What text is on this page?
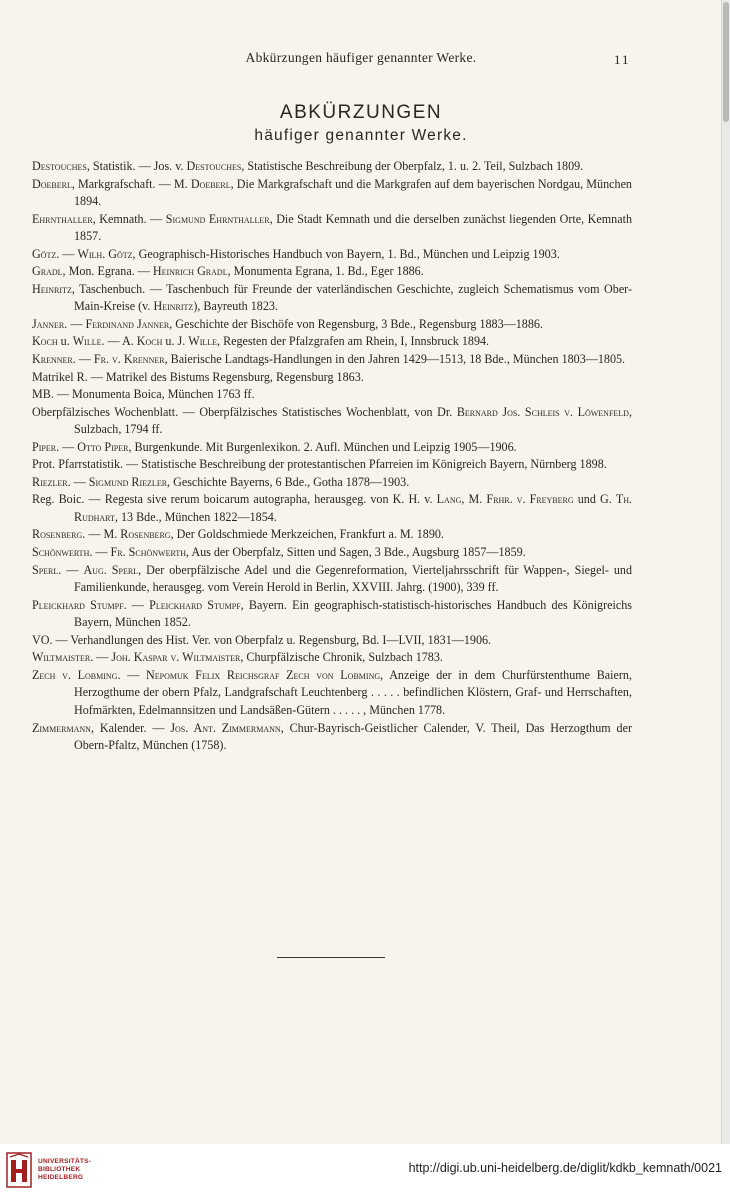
Abkürzungen häufiger genannter Werke.	11
ABKÜRZUNGEN
häufiger genannter Werke.

Destouches, Statistik. — Jos. v. Destouches, Statistische Beschreibung der Oberpfalz, 1. u. 2. Teil, Sulzbach 1809.

Doeberl, Markgrafschaft. — M. Doeberl, Die Markgrafschaft und die Markgrafen auf dem bayerischen Nordgau, München 1894.

Ehrnthaller, Kemnath. — Sigmund Ehrnthaller, Die Stadt Kemnath und die derselben zunächst liegenden Orte, Kemnath 1857.

Götz. — Wilh. Götz, Geographisch-Historisches Handbuch von Bayern, 1. Bd., München und Leipzig 1903.

Gradl, Mon. Egrana. — Heinrich Gradl, Monumenta Egrana, 1. Bd., Eger 1886.

Heinritz, Taschenbuch. — Taschenbuch für Freunde der vaterländischen Geschichte, zugleich Schematismus vom Ober-Main-Kreise (v. Heinritz), Bayreuth 1823.

Janner. — Ferdinand Janner, Geschichte der Bischöfe von Regensburg, 3 Bde., Regensburg 1883—1886.

Koch u. Wille. — A. Koch u. J. Wille, Regesten der Pfalzgrafen am Rhein, I, Innsbruck 1894.

Krenner. — Fr. v. Krenner, Baierische Landtags-Handlungen in den Jahren 1429—1513, 18 Bde., München 1803—1805.

Matrikel R. — Matrikel des Bistums Regensburg, Regensburg 1863.

MB. — Monumenta Boica, München 1763 ff.

Oberpfälzisches Wochenblatt. — Oberpfälzisches Statistisches Wochenblatt, von Dr. Bernard Jos. Schleis v. Löwenfeld, Sulzbach, 1794 ff.

Piper. — Otto Piper, Burgenkunde. Mit Burgenlexikon. 2. Aufl. München und Leipzig 1905—1906.

Prot. Pfarrstatistik. — Statistische Beschreibung der protestantischen Pfarreien im Königreich Bayern, Nürnberg 1898.

Riezler. — Sigmund Riezler, Geschichte Bayerns, 6 Bde., Gotha 1878—1903.

Reg. Boic. — Regesta sive rerum boicarum autographa, herausgeg. von K. H. v. Lang, M. Frhr. v. Freyberg und G. Th. Rudhart, 13 Bde., München 1822—1854.

Rosenberg. — M. Rosenberg, Der Goldschmiede Merkzeichen, Frankfurt a. M. 1890.

Schönwerth. — Fr. Schönwerth, Aus der Oberpfalz, Sitten und Sagen, 3 Bde., Augsburg 1857—1859.

Sperl. — Aug. Sperl, Der oberpfälzische Adel und die Gegenreformation, Vierteljahrsschrift für Wappen-, Siegel- und Familienkunde, herausgeg. vom Verein Herold in Berlin, XXVIII. Jahrg. (1900), 339 ff.

Pleickhard Stumpf. — Pleickhard Stumpf, Bayern. Ein geographisch-statistisch-historisches Handbuch des Königreichs Bayern, München 1852.

VO. — Verhandlungen des Hist. Ver. von Oberpfalz u. Regensburg, Bd. I—LVII, 1831—1906.

Wiltmaister. — Joh. Kaspar v. Wiltmaister, Churpfälzische Chronik, Sulzbach 1783.

Zech v. Lobming. — Nepomuk Felix Reichsgraf Zech von Lobming, Anzeige der in dem Churfürstenthume Baiern, Herzogthume der obern Pfalz, Landgrafschaft Leuchtenberg . . . . . befindlichen Klöstern, Graf- und Herrschaften, Hofmärkten, Edelmannsitzen und Landsäßen-Gütern . . . . . , München 1778.

Zimmermann, Kalender. — Jos. Ant. Zimmermann, Chur-Bayrisch-Geistlicher Calender, V. Theil, Das Herzogthum der Obern-Pfaltz, München (1758).

UNIVERSITÄTS-
BIBLIOTHEK
HEIDELBERG
http://digi.ub.uni-heidelberg.de/diglit/kdkb_kemnath/0021
